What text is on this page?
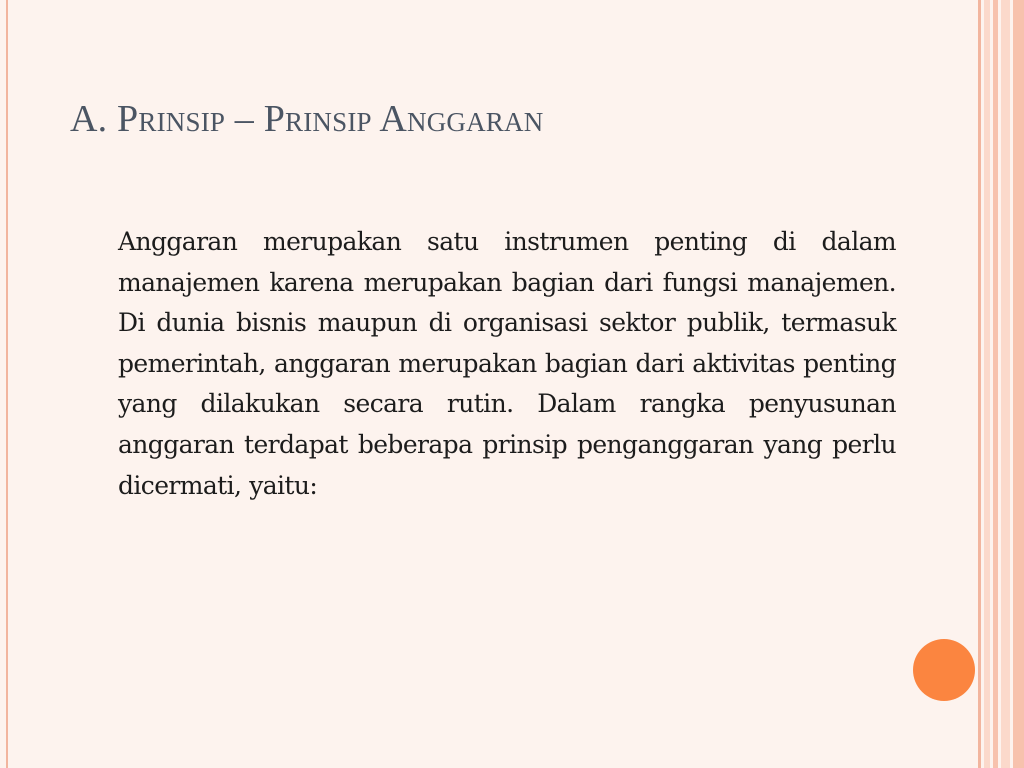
A. Prinsip – Prinsip Anggaran

Anggaran merupakan satu instrumen penting di dalam manajemen karena merupakan bagian dari fungsi manajemen. Di dunia bisnis maupun di organisasi sektor publik, termasuk pemerintah, anggaran merupakan bagian dari aktivitas penting yang dilakukan secara rutin. Dalam rangka penyusunan anggaran terdapat beberapa prinsip penganggaran yang perlu dicermati, yaitu:
